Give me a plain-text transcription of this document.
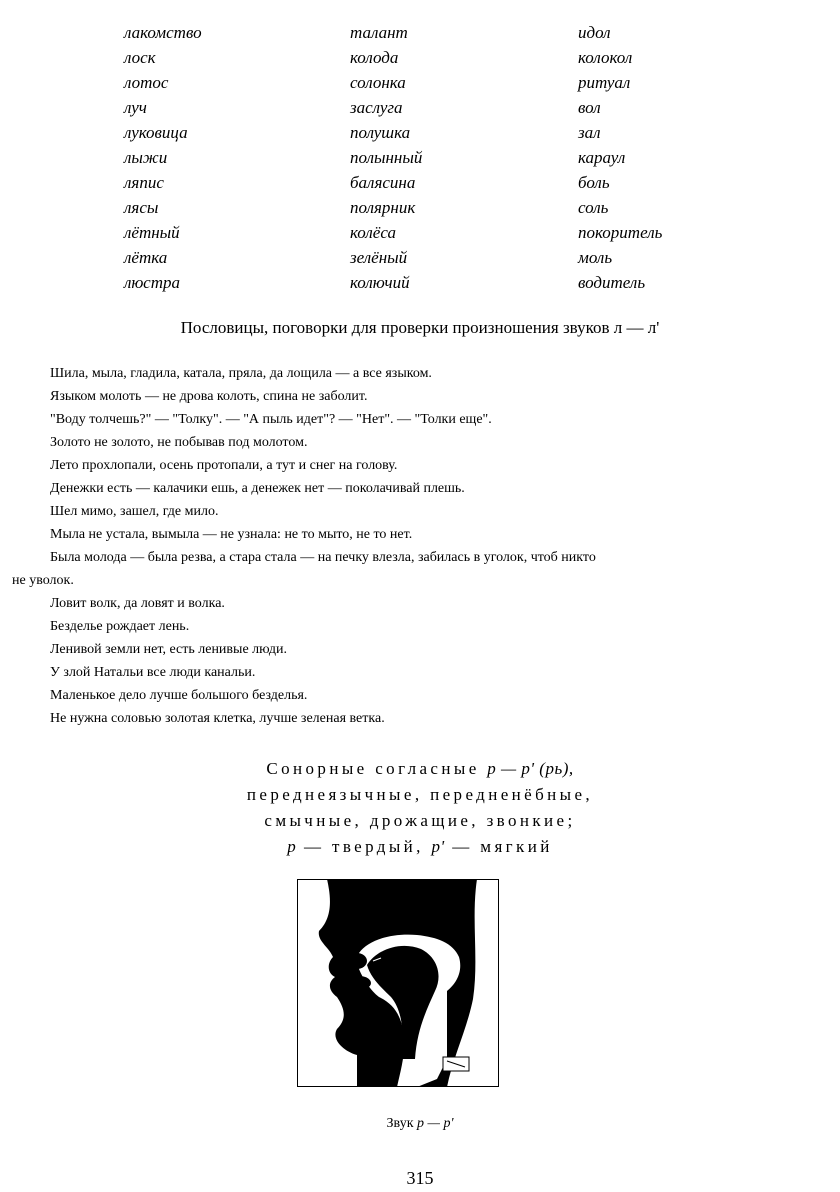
лакомство
лоск
лотос
луч
луковица
лыжи
ляпис
лясы
лётный
лётка
люстра
талант
колода
солонка
заслуга
полушка
полынный
балясина
полярник
колёса
зелёный
колючий
идол
колокол
ритуал
вол
зал
караул
боль
соль
покоритель
моль
водитель
Пословицы, поговорки для проверки произношения звуков л — л'
Шила, мыла, гладила, катала, пряла, да лощила — а все языком.
Языком молоть — не дрова колоть, спина не заболит.
"Воду толчешь?" — "Толку". — "А пыль идет"? — "Нет". — "Толки еще".
Золото не золото, не побывав под молотом.
Лето прохлопали, осень протопали, а тут и снег на голову.
Денежки есть — калачики ешь, а денежек нет — поколачивай плешь.
Шел мимо, зашел, где мило.
Мыла не устала, вымыла — не узнала: не то мыто, не то нет.
Была молода — была резва, а стара стала — на печку влезла, забилась в уголок, чтоб никто
не уволок.
Ловит волк, да ловят и волка.
Безделье рождает лень.
Ленивой земли нет, есть ленивые люди.
У злой Натальи все люди канальи.
Маленькое дело лучше большого безделья.
Не нужна соловью золотая клетка, лучше зеленая ветка.
Сонорные согласные р — р' (рь),
переднеязычные, передненёбные,
смычные, дрожащие, звонкие;
р — твердый, р' — мягкий
Звук р — р'
315
